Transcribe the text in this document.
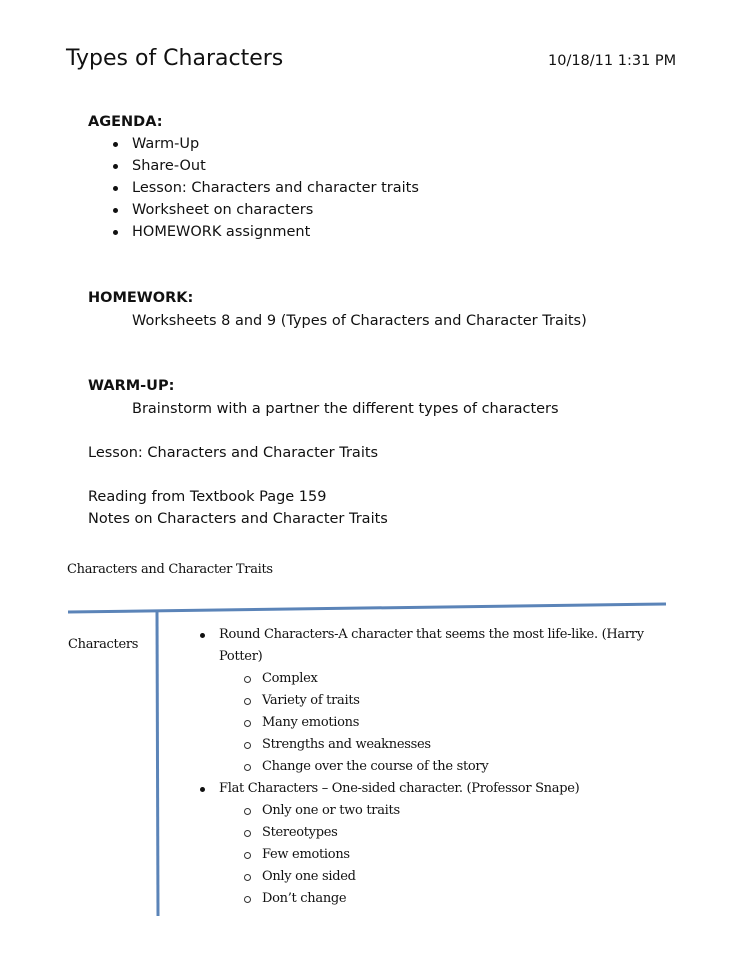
Types of Characters	10/18/11 1:31 PM
AGENDA:
Warm-Up
Share-Out
Lesson: Characters and character traits
Worksheet on characters
HOMEWORK assignment
HOMEWORK:
Worksheets 8 and 9 (Types of Characters and Character Traits)
WARM-UP:
Brainstorm with a partner the different types of characters
Lesson: Characters and Character Traits
Reading from Textbook Page 159
Notes on Characters and Character Traits
Characters and Character Traits
Characters
Round Characters-A character that seems the most life-like. (Harry
Potter)
Complex
Variety of traits
Many emotions
Strengths and weaknesses
Change over the course of the story
Flat Characters – One-sided character. (Professor Snape)
Only one or two traits
Stereotypes
Few emotions
Only one sided
Don’t change
